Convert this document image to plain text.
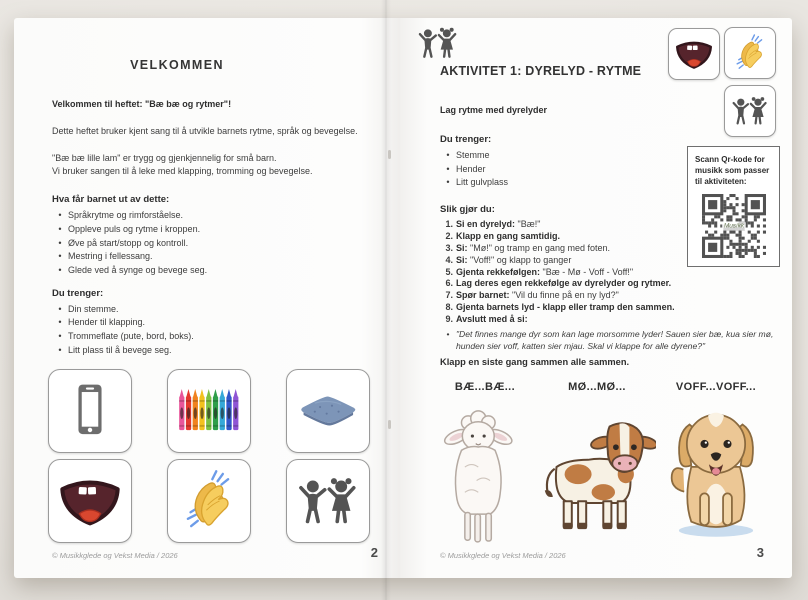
VELKOMMEN

Velkommen til heftet: "Bæ bæ og rytmer"!

Dette heftet bruker kjent sang til å utvikle barnets rytme, språk og bevegelse.

"Bæ bæ lille lam" er trygg og gjenkjennelig for små barn.
Vi bruker sangen til å leke med klapping, tromming og bevegelse.

Hva får barnet ut av dette:
• Språkrytme og rimforståelse.
• Oppleve puls og rytme i kroppen.
• Øve på start/stopp og kontroll.
• Mestring i fellessang.
• Glede ved å synge og bevege seg.
Du trenger:
• Din stemme.
• Hender til klapping.
• Trommeflate (pute, bord, boks).
• Litt plass til å bevege seg.
© Musikkglede og Vekst Media / 2026	2
AKTIVITET 1: DYRELYD - RYTME

Lag rytme med dyrelyder

Du trenger:
• Stemme
• Hender
• Litt gulvplass
Slik gjør du:
1. Si en dyrelyd: "Bæ!"
2. Klapp en gang samtidig.
3. Si: "Mø!" og tramp en gang med foten.
4. Si: "Voff!" og klapp to ganger
5. Gjenta rekkefølgen: "Bæ - Mø - Voff - Voff!"
6. Lag deres egen rekkefølge av dyrelyder og rytmer.
7. Spør barnet: "Vil du finne på en ny lyd?"
8. Gjenta barnets lyd - klapp eller tramp den sammen.
9. Avslutt med å si:
•
"Det finnes mange dyr som kan lage morsomme lyder! Sauen sier bæ, kua sier mø, hunden sier voff, katten sier mjau. Skal vi klappe for alle dyrene?"

Klapp en siste gang sammen alle sammen.

Scann Qr-kode for musikk som passer til aktiviteten:
Musikk
BÆ...BÆ...	MØ...MØ...	VOFF...VOFF...
© Musikkglede og Vekst Media / 2026	3
